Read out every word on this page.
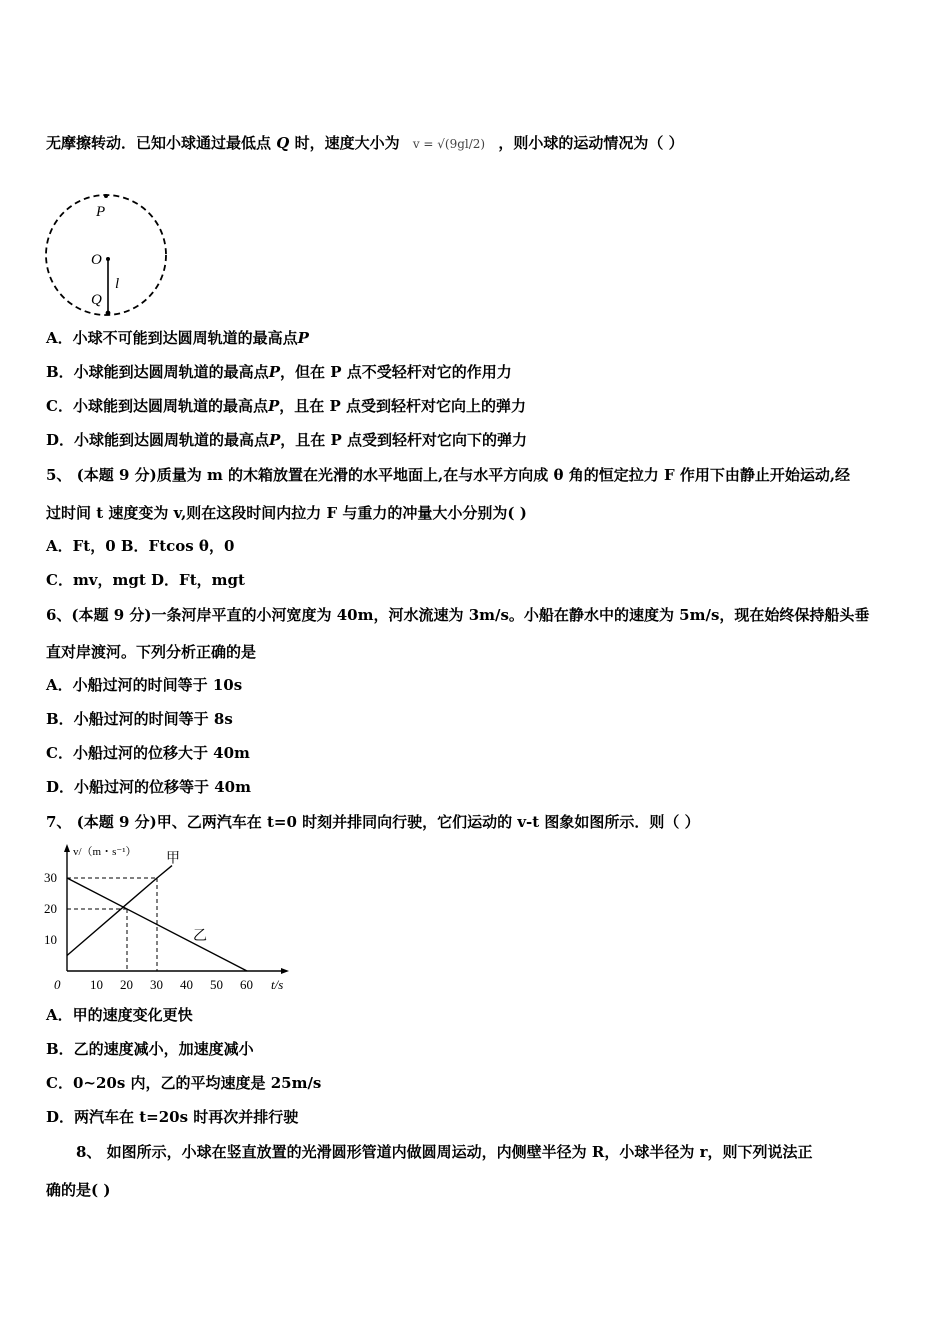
无摩擦转动．已知小球通过最低点 Q 时，速度大小为 v = √(9gl/2) ，则小球的运动情况为（ ）
P
O
Q
l
A．小球不可能到达圆周轨道的最高点P
B．小球能到达圆周轨道的最高点P，但在 P 点不受轻杆对它的作用力
C．小球能到达圆周轨道的最高点P，且在 P 点受到轻杆对它向上的弹力
D．小球能到达圆周轨道的最高点P，且在 P 点受到轻杆对它向下的弹力
5、 (本题 9 分)质量为 m 的木箱放置在光滑的水平地面上,在与水平方向成 θ 角的恒定拉力 F 作用下由静止开始运动,经
过时间 t 速度变为 v,则在这段时间内拉力 F 与重力的冲量大小分别为( )
A．Ft，0 B．Ftcos θ，0
C．mv，mgt D．Ft，mgt
6、(本题 9 分)一条河岸平直的小河宽度为 40m，河水流速为 3m/s。小船在静水中的速度为 5m/s，现在始终保持船头垂
直对岸渡河。下列分析正确的是
A．小船过河的时间等于 10s
B．小船过河的时间等于 8s
C．小船过河的位移大于 40m
D．小船过河的位移等于 40m
7、 (本题 9 分)甲、乙两汽车在 t=0 时刻并排同向行驶，它们运动的 v-t 图象如图所示．则（ ）
10 20 30 40 50 60
10
20
30
0	t/s
v/（m・s⁻¹） 甲
乙
A．甲的速度变化更快
B．乙的速度减小，加速度减小
C．0~20s 内，乙的平均速度是 25m/s
D．两汽车在 t=20s 时再次并排行驶
8、 如图所示，小球在竖直放置的光滑圆形管道内做圆周运动，内侧壁半径为 R，小球半径为 r，则下列说法正
确的是( )
